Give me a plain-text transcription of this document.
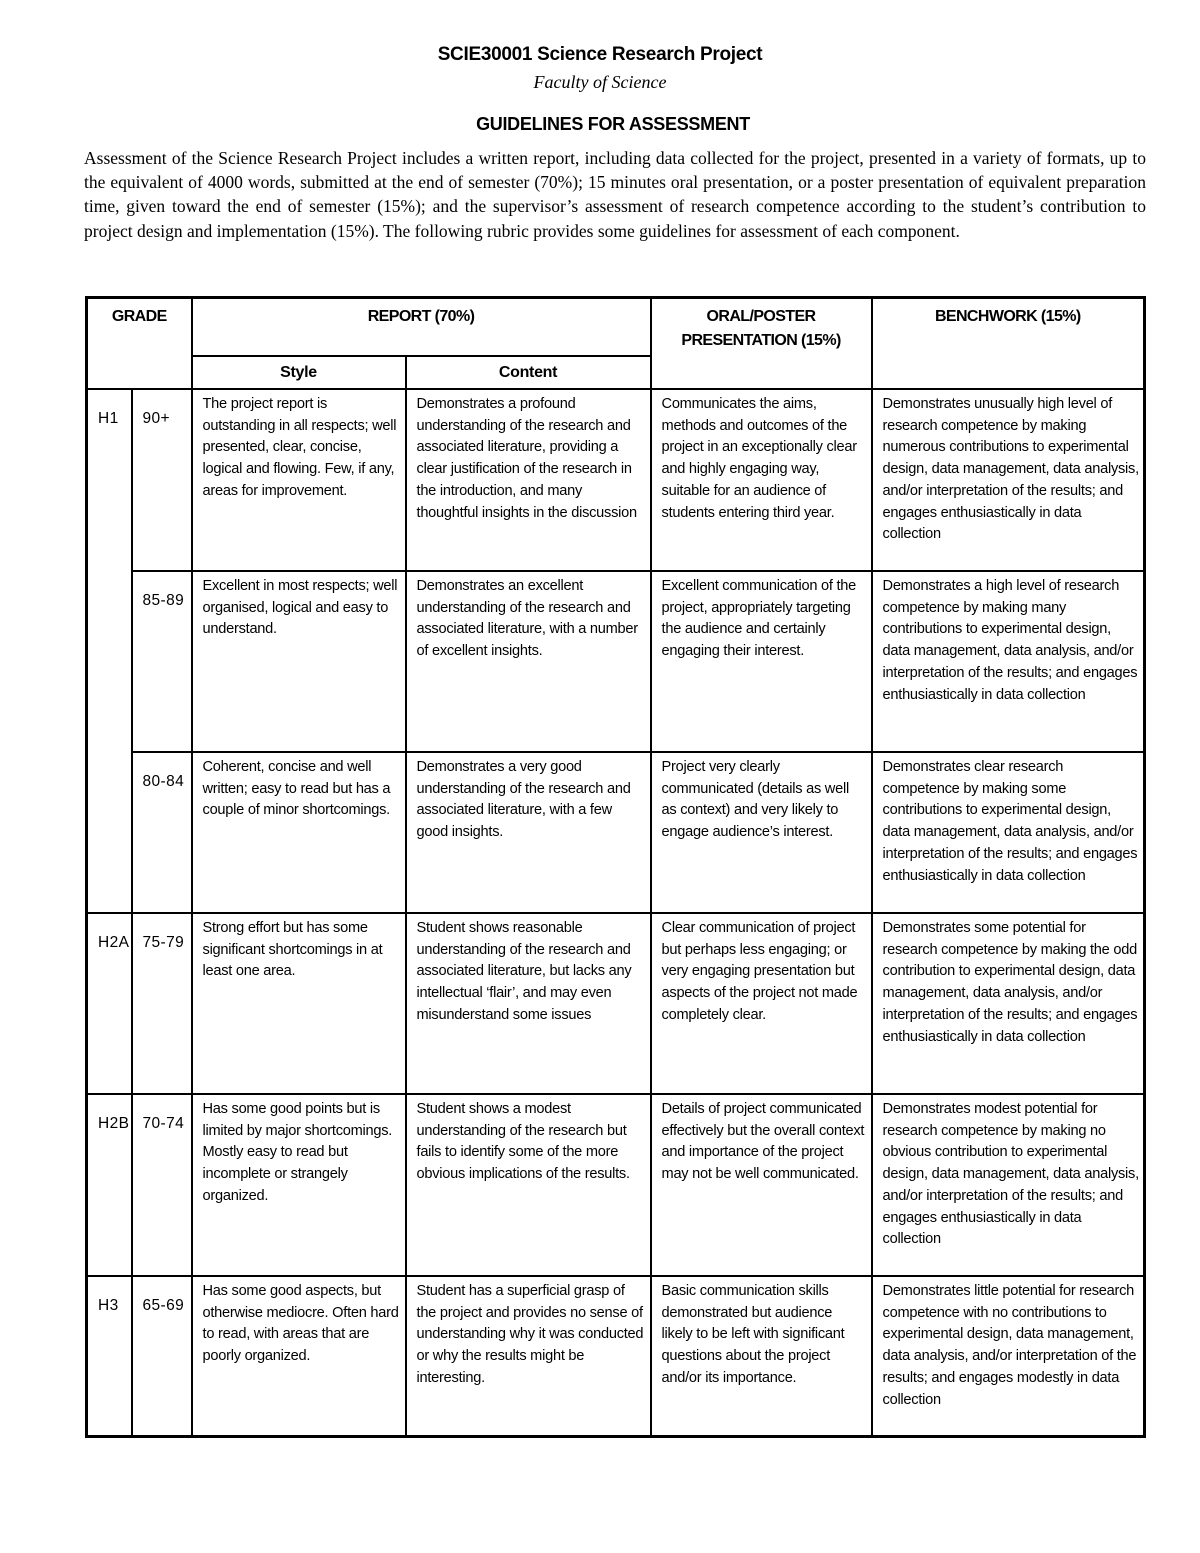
SCIE30001 Science Research Project
Faculty of Science
GUIDELINES FOR ASSESSMENT

Assessment of the Science Research Project includes a written report, including data collected for the project, presented in a variety of formats, up to the equivalent of 4000 words, submitted at the end of semester (70%); 15 minutes oral presentation, or a poster presentation of equivalent preparation time, given toward the end of semester (15%); and the supervisor’s assessment of research competence according to the student’s contribution to project design and implementation (15%). The following rubric provides some guidelines for assessment of each component.

GRADE		REPORT (70%)		ORAL/POSTER PRESENTATION (15%)	BENCHWORK (15%)
		Style	Content		
H1	90+	The project report is outstanding in all respects; well presented, clear, concise, logical and flowing. Few, if any, areas for improvement.	Demonstrates a profound understanding of the research and associated literature, providing a clear justification of the research in the introduction, and many thoughtful insights in the discussion	Communicates the aims, methods and outcomes of the project in an exceptionally clear and highly engaging way, suitable for an audience of students entering third year.	Demonstrates unusually high level of research competence by making numerous contributions to experimental design, data management, data analysis, and/or interpretation of the results; and engages enthusiastically in data collection
	85-89	Excellent in most respects; well organised, logical and easy to understand.	Demonstrates an excellent understanding of the research and associated literature, with a number of excellent insights.	Excellent communication of the project, appropriately targeting the audience and certainly engaging their interest.	Demonstrates a high level of research competence by making many contributions to experimental design, data management, data analysis, and/or interpretation of the results; and engages enthusiastically in data collection
	80-84	Coherent, concise and well written; easy to read but has a couple of minor shortcomings.	Demonstrates a very good understanding of the research and associated literature, with a few good insights.	Project very clearly communicated (details as well as context) and very likely to engage audience’s interest.	Demonstrates clear research competence by making some contributions to experimental design, data management, data analysis, and/or interpretation of the results; and engages enthusiastically in data collection
H2A	75-79	Strong effort but has some significant shortcomings in at least one area.	Student shows reasonable understanding of the research and associated literature, but lacks any intellectual ‘flair’, and may even misunderstand some issues	Clear communication of project but perhaps less engaging; or very engaging presentation but aspects of the project not made completely clear.	Demonstrates some potential for research competence by making the odd contribution to experimental design, data management, data analysis, and/or interpretation of the results; and engages enthusiastically in data collection
H2B	70-74	Has some good points but is limited by major shortcomings. Mostly easy to read but incomplete or strangely organized.	Student shows a modest understanding of the research but fails to identify some of the more obvious implications of the results.	Details of project communicated effectively but the overall context and importance of the project may not be well communicated.	Demonstrates modest potential for research competence by making no obvious contribution to experimental design, data management, data analysis, and/or interpretation of the results; and engages enthusiastically in data collection
H3	65-69	Has some good aspects, but otherwise mediocre. Often hard to read, with areas that are poorly organized.	Student has a superficial grasp of the project and provides no sense of understanding why it was conducted or why the results might be interesting.	Basic communication skills demonstrated but audience likely to be left with significant questions about the project and/or its importance.	Demonstrates little potential for research competence with no contributions to experimental design, data management, data analysis, and/or interpretation of the results; and engages modestly in data collection
